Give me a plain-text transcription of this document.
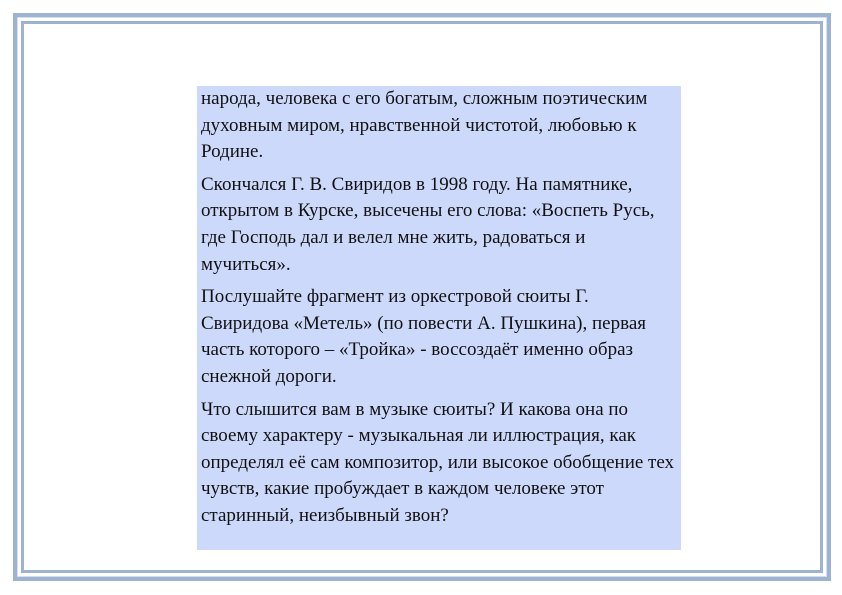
народа, человека с его богатым, сложным поэтическим духовным миром, нравственной чистотой, любовью к Родине.

Скончался Г. В. Свиридов в 1998 году. На памятнике, открытом в Курске, высечены его слова: «Воспеть Русь, где Господь дал и велел мне жить, радоваться и мучиться».

Послушайте фрагмент из оркестровой сюиты Г. Свиридова «Метель» (по повести А. Пушкина), первая часть которого – «Тройка» - воссоздаёт именно образ снежной дороги.

Что слышится вам в музыке сюиты? И какова она по своему характеру - музыкальная ли иллюстрация, как определял её сам композитор, или высокое обобщение тех чувств, какие пробуждает в каждом человеке этот старинный, неизбывный звон?
